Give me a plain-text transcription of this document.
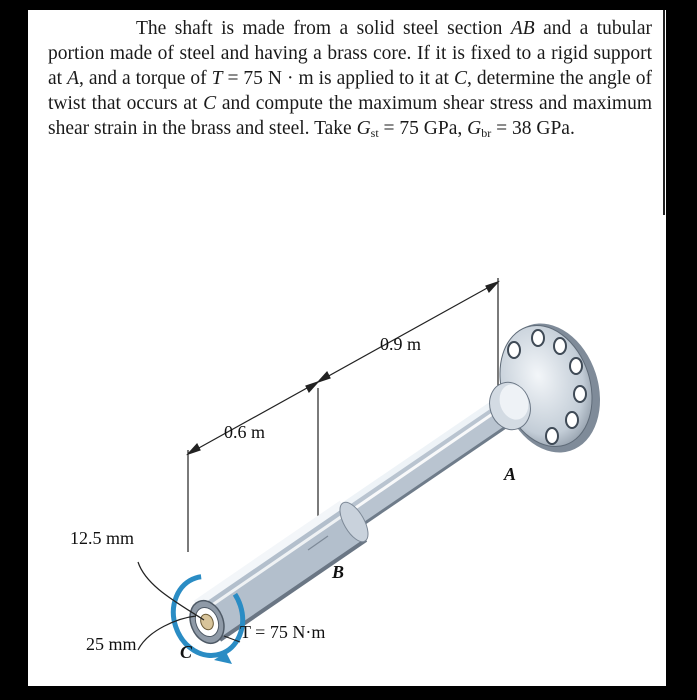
The shaft is made from a solid steel section AB and a tubular portion made of steel and having a brass core. If it is fixed to a rigid support at A, and a torque of T = 75 N · m is applied to it at C, determine the angle of twist that occurs at C and compute the maximum shear stress and maximum shear strain in the brass and steel. Take $G_{st} = 75$ GPa, $G_{br} = 38$ GPa.
0.9 m
0.6 m
A
B
C
12.5 mm
25 mm
T = 75 N·m
